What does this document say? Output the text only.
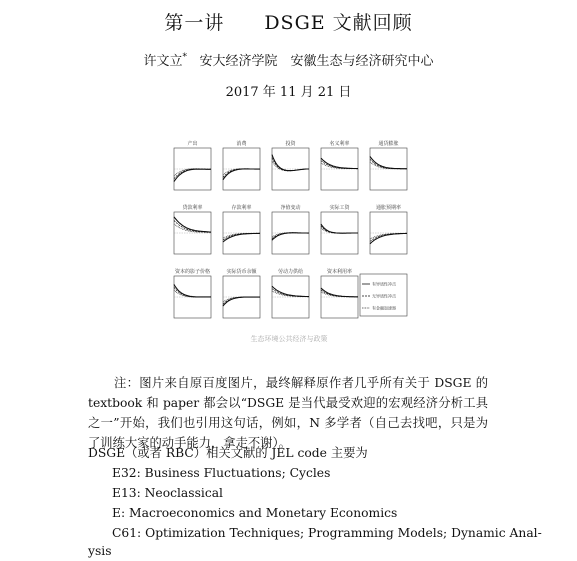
第一讲　　DSGE 文献回顾
许文立* 安大经济学院　安徽生态与经济研究中心
2017 年 11 月 21 日
产出	消费	投资	名义利率	通货膨胀
贷款利率	存款利率	净值变动	实际工资	通胀预期率
资本的影子价格	实际货币余额	劳动力供给	资本利用率
有异质性冲击
无异质性冲击
有金融加速器
生态环境公共经济与政策
注：图片来自原百度图片，最终解释原作者几乎所有关于 DSGE 的 textbook 和 paper 都会以“DSGE 是当代最受欢迎的宏观经济分析工具之一”开始，我们也引用这句话，例如，N 多学者（自己去找吧，只是为了训练大家的动手能力，拿走不谢）。
DSGE（或者 RBC）相关文献的 JEL code 主要为
E32: Business Fluctuations; Cycles
E13: Neoclassical
E: Macroeconomics and Monetary Economics
C61: Optimization Techniques; Programming Models; Dynamic Anal-
ysis
